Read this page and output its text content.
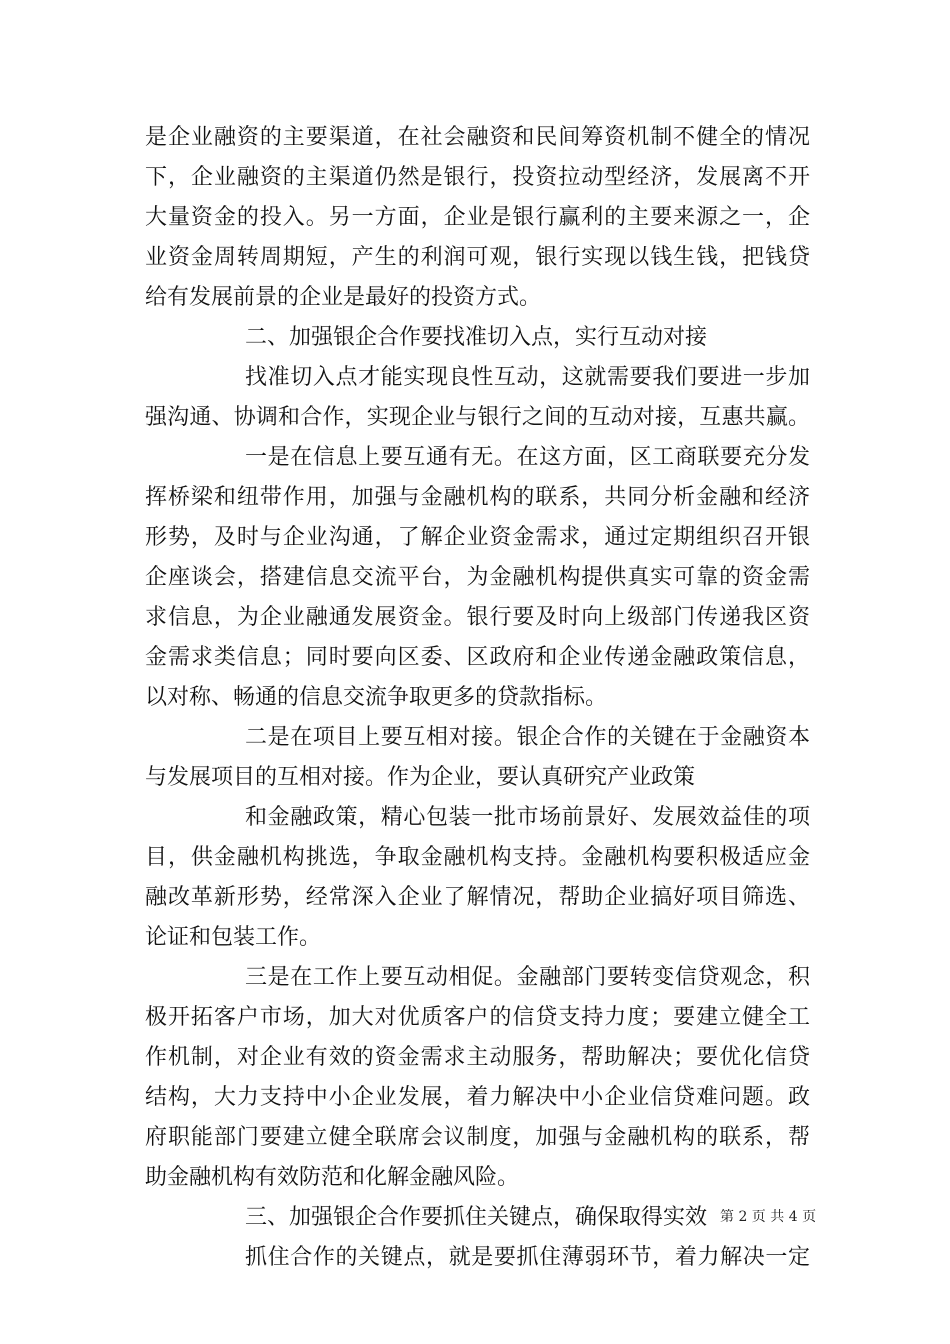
是企业融资的主要渠道，在社会融资和民间筹资机制不健全的情况
下，企业融资的主渠道仍然是银行，投资拉动型经济，发展离不开
大量资金的投入。另一方面，企业是银行赢利的主要来源之一，企
业资金周转周期短，产生的利润可观，银行实现以钱生钱，把钱贷
给有发展前景的企业是最好的投资方式。
二、加强银企合作要找准切入点，实行互动对接
找准切入点才能实现良性互动，这就需要我们要进一步加
强沟通、协调和合作，实现企业与银行之间的互动对接，互惠共赢。
一是在信息上要互通有无。在这方面，区工商联要充分发
挥桥梁和纽带作用，加强与金融机构的联系，共同分析金融和经济
形势，及时与企业沟通，了解企业资金需求，通过定期组织召开银
企座谈会，搭建信息交流平台，为金融机构提供真实可靠的资金需
求信息，为企业融通发展资金。银行要及时向上级部门传递我区资
金需求类信息；同时要向区委、区政府和企业传递金融政策信息，
以对称、畅通的信息交流争取更多的贷款指标。
二是在项目上要互相对接。银企合作的关键在于金融资本
与发展项目的互相对接。作为企业，要认真研究产业政策
和金融政策，精心包装一批市场前景好、发展效益佳的项
目，供金融机构挑选，争取金融机构支持。金融机构要积极适应金
融改革新形势，经常深入企业了解情况，帮助企业搞好项目筛选、
论证和包装工作。
三是在工作上要互动相促。金融部门要转变信贷观念，积
极开拓客户市场，加大对优质客户的信贷支持力度；要建立健全工
作机制，对企业有效的资金需求主动服务，帮助解决；要优化信贷
结构，大力支持中小企业发展，着力解决中小企业信贷难问题。政
府职能部门要建立健全联席会议制度，加强与金融机构的联系，帮
助金融机构有效防范和化解金融风险。
三、加强银企合作要抓住关键点，确保取得实效
抓住合作的关键点，就是要抓住薄弱环节，着力解决一定
第 2 页 共 4 页
